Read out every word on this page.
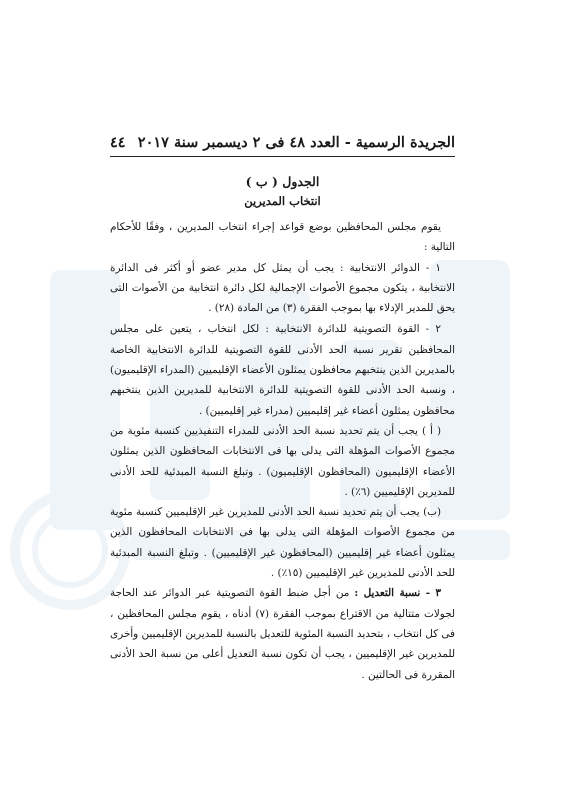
الجريدة الرسمية - العدد ٤٨ فى ٢ ديسمبر سنة ٢٠١٧
٤٤
الجدول ( ب )
انتخاب المديرين

يقوم مجلس المحافظين بوضع قواعد إجراء انتخاب المديرين ، وفقًا للأحكام التالية :

١ - الدوائر الانتخابية : يجب أن يمثل كل مدير عضو أو أكثر فى الدائرة الانتخابية ، يتكون مجموع الأصوات الإجمالية لكل دائرة انتخابية من الأصوات التى يحق للمدير الإدلاء بها بموجب الفقرة (٣) من المادة (٢٨) .

٢ - القوة التصويتية للدائرة الانتخابية : لكل انتخاب ، يتعين على مجلس المحافظين تقرير نسبة الحد الأدنى للقوة التصويتية للدائرة الانتخابية الخاصة بالمديرين الذين ينتخبهم محافظون يمثلون الأعضاء الإقليميين (المدراء الإقليميون) ، ونسبة الحد الأدنى للقوة التصويتية للدائرة الانتخابية للمديرين الذين ينتخبهم محافظون يمثلون أعضاء غير إقليميين (مدراء غير إقليميين) .

( أ ) يجب أن يتم تحديد نسبة الحد الأدنى للمدراء التنفيذيين كنسبة مئوية من مجموع الأصوات المؤهلة التى يدلى بها فى الانتخابات المحافظون الذين يمثلون الأعضاء الإقليميون (المحافظون الإقليميون) . وتبلغ النسبة المبدئية للحد الأدنى للمديرين الإقليميين (٦٪) .

(ب) يجب أن يتم تحديد نسبة الحد الأدنى للمديرين غير الإقليميين كنسبة مئوية من مجموع الأصوات المؤهلة التى يدلى بها فى الانتخابات المحافظون الذين يمثلون أعضاء غير إقليميين (المحافظون غير الإقليميين) . وتبلغ النسبة المبدئية للحد الأدنى للمديرين غير الإقليميين (١٥٪) .

٣ - نسبة التعديل : من أجل ضبط القوة التصويتية عبر الدوائر عند الحاجة لجولات متتالية من الاقتراع بموجب الفقرة (٧) أدناه ، يقوم مجلس المحافظين ، فى كل انتخاب ، بتحديد النسبة المئوية للتعديل بالنسبة للمديرين الإقليميين وأخرى للمديرين غير الإقليميين ، يجب أن تكون نسبة التعديل أعلى من نسبة الحد الأدنى المقررة فى الحالتين .
